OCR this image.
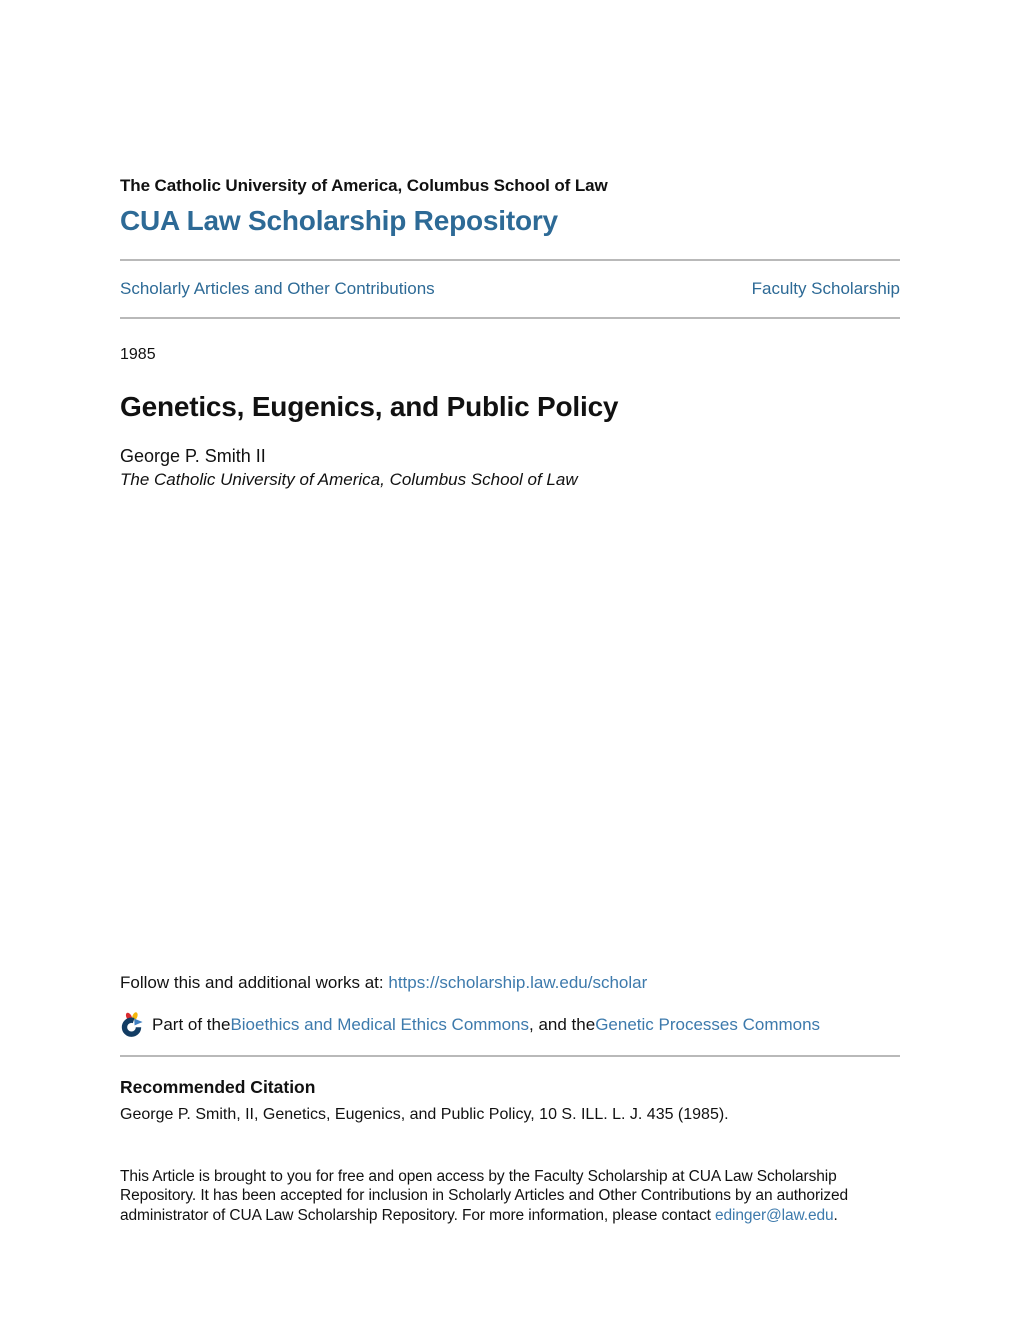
The Catholic University of America, Columbus School of Law
CUA Law Scholarship Repository
Scholarly Articles and Other Contributions	Faculty Scholarship
1985
Genetics, Eugenics, and Public Policy
George P. Smith II
The Catholic University of America, Columbus School of Law

Follow this and additional works at: https://scholarship.law.edu/scholar

Part of the Bioethics and Medical Ethics Commons , and the Genetic Processes Commons
Recommended Citation
George P. Smith, II, Genetics, Eugenics, and Public Policy, 10 S. ILL. L. J. 435 (1985).
This Article is brought to you for free and open access by the Faculty Scholarship at CUA Law Scholarship
Repository. It has been accepted for inclusion in Scholarly Articles and Other Contributions by an authorized
administrator of CUA Law Scholarship Repository. For more information, please contact edinger@law.edu.
